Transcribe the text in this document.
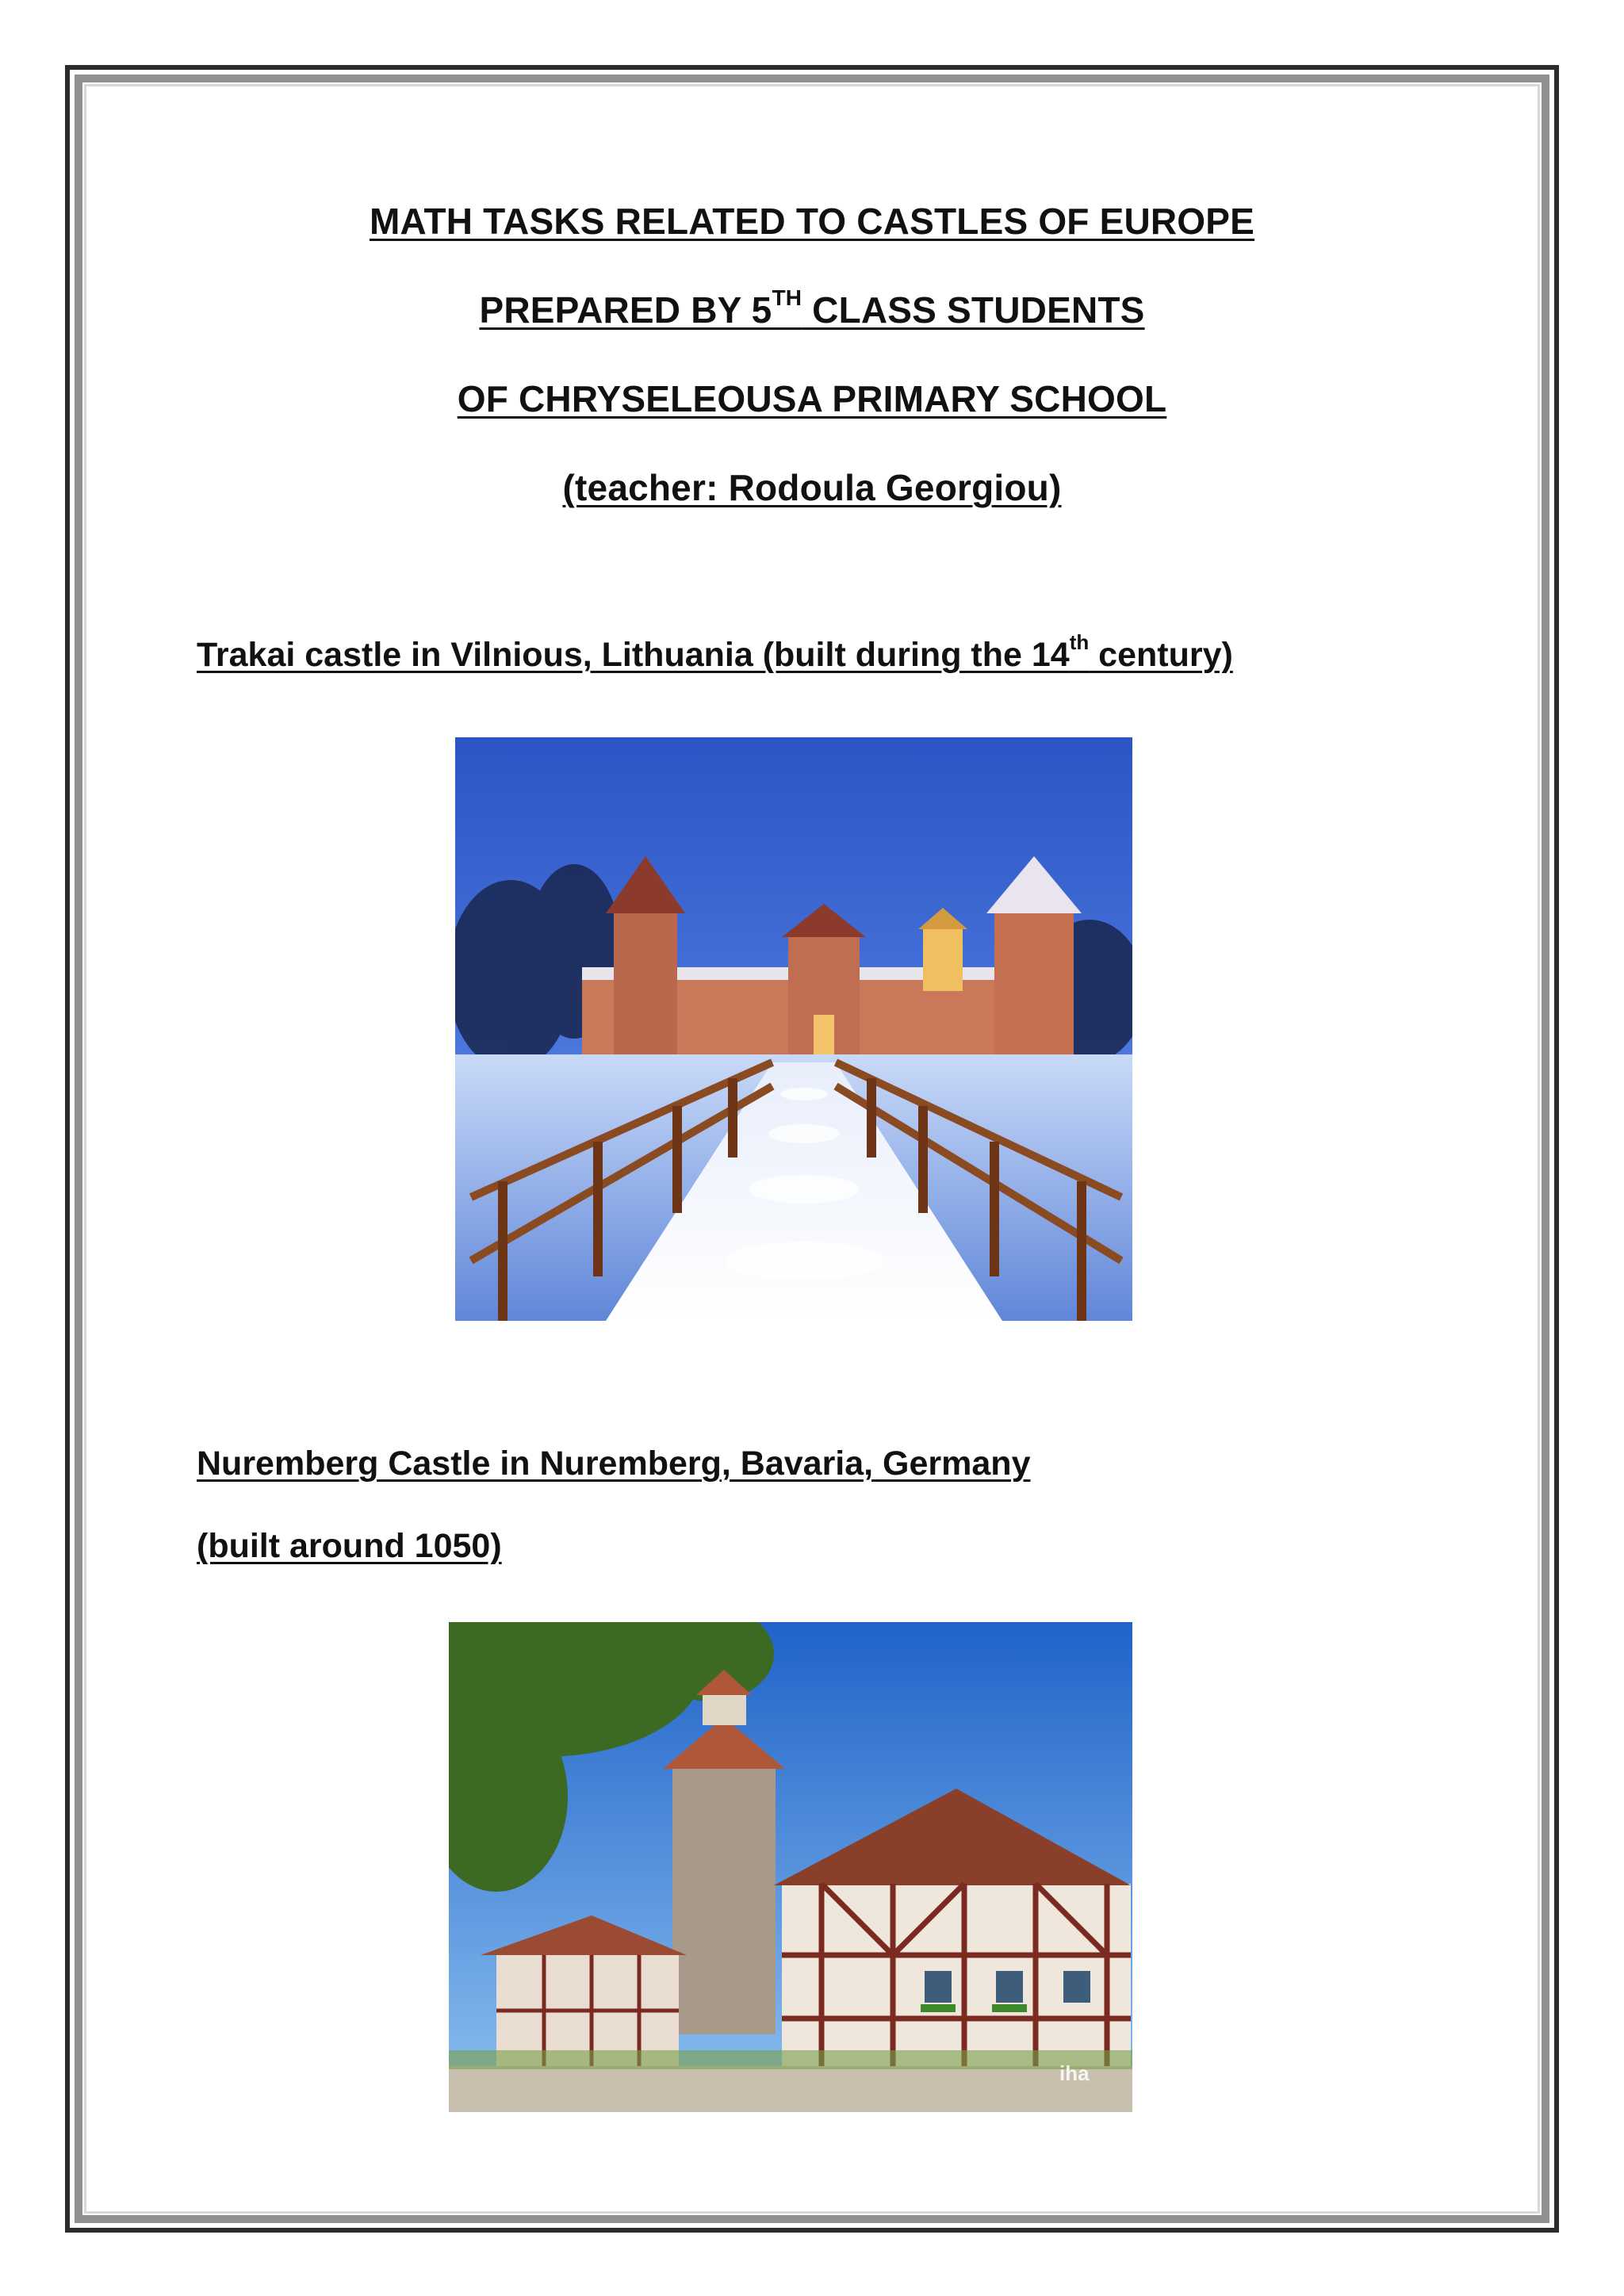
MATH TASKS RELATED TO CASTLES OF EUROPE
PREPARED BY 5TH CLASS STUDENTS
OF CHRYSELEOUSA PRIMARY SCHOOL
(teacher: Rodoula Georgiou)
Trakai castle in Vilnious, Lithuania (built during the 14th century)
Nuremberg Castle in Nuremberg, Bavaria, Germany
(built around 1050)
iha
